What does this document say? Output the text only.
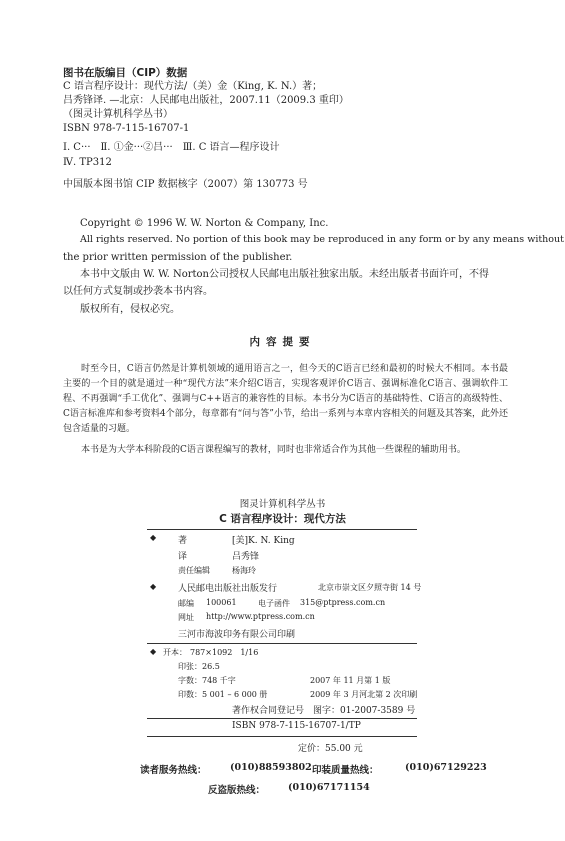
图书在版编目（CIP）数据
C 语言程序设计：现代方法/（美）金（King, K. N.）著；
吕秀锋译. —北京：人民邮电出版社，2007.11（2009.3 重印）
（图灵计算机科学丛书）
ISBN 978-7-115-16707-1
Ⅰ. C···　Ⅱ. ①金···②吕···　Ⅲ. C 语言—程序设计
Ⅳ. TP312
中国版本图书馆 CIP 数据核字（2007）第 130773 号
Copyright © 1996 W. W. Norton & Company, Inc.
All rights reserved. No portion of this book may be reproduced in any form or by any means without
the prior written permission of the publisher.
本书中文版由 W. W. Norton公司授权人民邮电出版社独家出版。未经出版者书面许可，不得
以任何方式复制或抄袭本书内容。
版权所有，侵权必究。
内容提要
时至今日，C语言仍然是计算机领域的通用语言之一，但今天的C语言已经和最初的时候大不相同。本书最主要的一个目的就是通过一种“现代方法”来介绍C语言，实现客观评价C语言、强调标准化C语言、强调软件工程、不再强调“手工优化”、强调与C++语言的兼容性的目标。本书分为C语言的基础特性、C语言的高级特性、C语言标准库和参考资料4个部分，每章都有“问与答”小节，给出一系列与本章内容相关的问题及其答案，此外还包含适量的习题。
本书是为大学本科阶段的C语言课程编写的教材，同时也非常适合作为其他一些课程的辅助用书。
图灵计算机科学丛书
C 语言程序设计：现代方法
◆ 著	[美]K. N. King
译	吕秀锋
责任编辑	杨海玲
◆ 人民邮电出版社出版发行	北京市崇文区夕照寺街 14 号
邮编 100061	电子函件 315@ptpress.com.cn
网址 http://www.ptpress.com.cn
三河市海波印务有限公司印刷
◆ 开本： 787×1092　1/16
印张：26.5
字数：748 千字	2007 年 11 月第 1 版
印数：5 001 – 6 000 册	2009 年 3 月河北第 2 次印刷
著作权合同登记号　图字：01-2007-3589 号
ISBN 978-7-115-16707-1/TP
定价：55.00 元
读者服务热线： (010)88593802 印装质量热线：	(010)67129223
反盗版热线： (010)67171154
